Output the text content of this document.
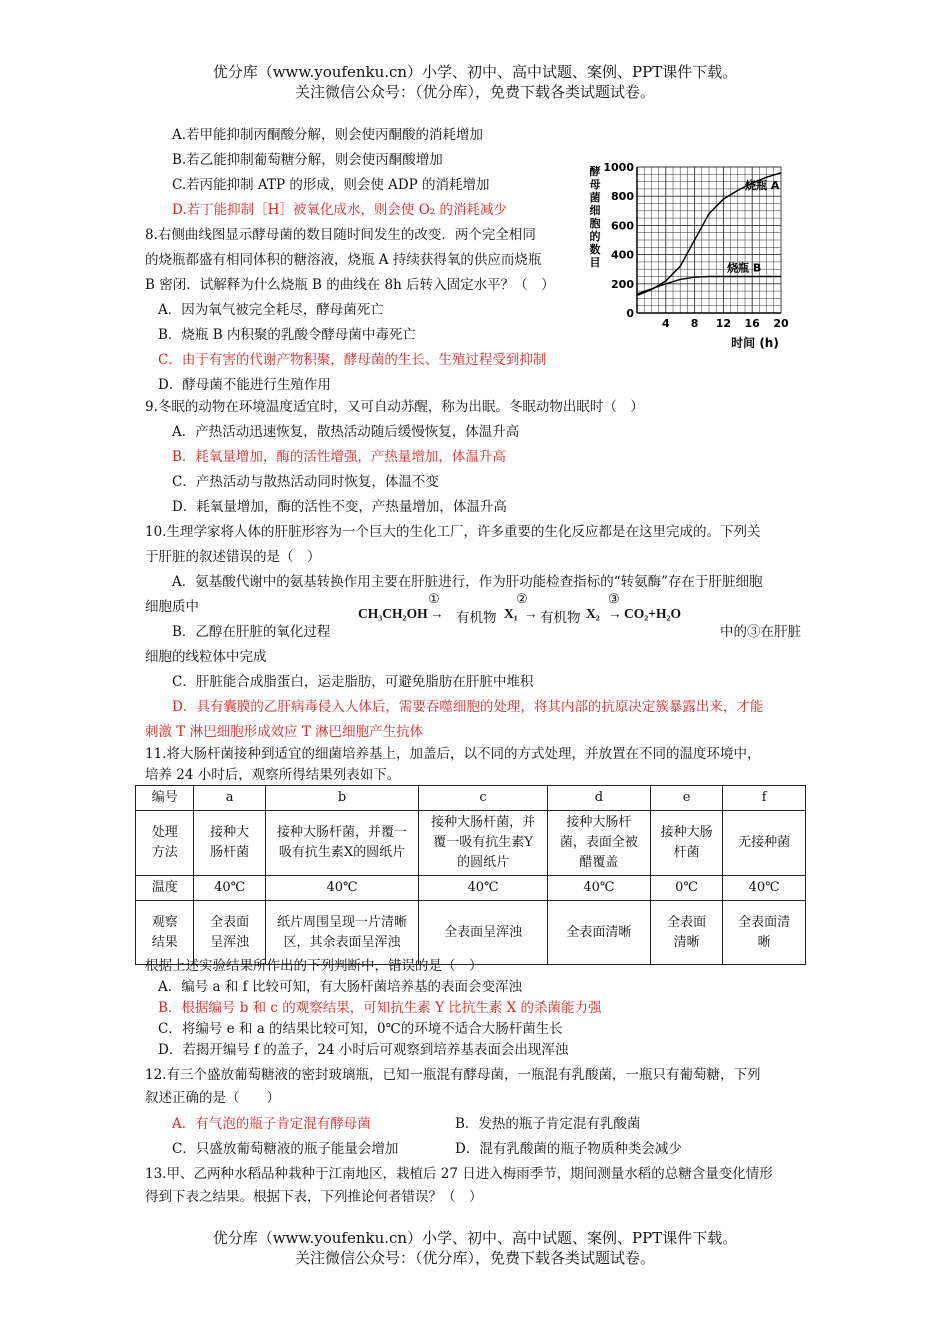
优分库（www.youfenku.cn）小学、初中、高中试题、案例、PPT课件下载。
关注微信公众号：（优分库），免费下载各类试题试卷。
A.若甲能抑制丙酮酸分解，则会使丙酮酸的消耗增加
B.若乙能抑制葡萄糖分解，则会使丙酮酸增加
C.若丙能抑制 ATP 的形成，则会使 ADP 的消耗增加
D.若丁能抑制［H］被氧化成水，则会使 O₂ 的消耗减少
8.右侧曲线图显示酵母菌的数目随时间发生的改变．两个完全相同
的烧瓶都盛有相同体积的糖溶液，烧瓶 A 持续获得氧的供应而烧瓶
B 密闭．试解释为什么烧瓶 B 的曲线在 8h 后转入固定水平？（　）
A．因为氧气被完全耗尽，酵母菌死亡
B．烧瓶 B 内积聚的乳酸令酵母菌中毒死亡
C．由于有害的代谢产物积聚，酵母菌的生长、生殖过程受到抑制
D．酵母菌不能进行生殖作用
酵
母
菌
细
胞
的
数
目
0
200
400
600
800
1000
4 8 12 16 20
烧瓶 A
烧瓶 B
时间 (h)
9.冬眠的动物在环境温度适宜时，又可自动苏醒，称为出眠。冬眠动物出眠时（　）
A．产热活动迅速恢复，散热活动随后缓慢恢复，体温升高
B．耗氧量增加，酶的活性增强，产热量增加，体温升高
C．产热活动与散热活动同时恢复，体温不变
D．耗氧量增加，酶的活性不变，产热量增加，体温升高
10.生理学家将人体的肝脏形容为一个巨大的生化工厂，许多重要的生化反应都是在这里完成的。下列关
于肝脏的叙述错误的是（　）
A．氨基酸代谢中的氨基转换作用主要在肝脏进行，作为肝功能检查指标的“转氨酶”存在于肝脏细胞
细胞质中	①	②	③
CH₃CH₂OH → 有机物 X₁ → 有机物 X₂ → CO₂+H₂O
B．乙醇在肝脏的氧化过程	中的③在肝脏
细胞的线粒体中完成
C．肝脏能合成脂蛋白，运走脂肪，可避免脂肪在肝脏中堆积
D．具有囊膜的乙肝病毒侵入人体后，需要吞噬细胞的处理，将其内部的抗原决定簇暴露出来，才能
刺激 T 淋巴细胞形成效应 T 淋巴细胞产生抗体
11.将大肠杆菌接种到适宜的细菌培养基上，加盖后，以不同的方式处理，并放置在不同的温度环境中，
培养 24 小时后，观察所得结果列表如下。
编号	a	b	c	d	e	f
处理方法	接种大肠杆菌	接种大肠杆菌，并覆一吸有抗生素X的圆纸片	接种大肠杆菌，并覆一吸有抗生素Y的圆纸片	接种大肠杆菌，表面全被醋覆盖	接种大肠杆菌	无接种菌
温度	40℃	40℃	40℃	40℃	0℃	40℃
观察结果	全表面呈浑浊	纸片周围呈现一片清晰区，其余表面呈浑浊	全表面呈浑浊	全表面清晰	全表面清晰	全表面清晰
根据上述实验结果所作出的下列判断中，错误的是（　）
A．编号 a 和 f 比较可知，有大肠杆菌培养基的表面会变浑浊
B．根据编号 b 和 c 的观察结果，可知抗生素 Y 比抗生素 X 的杀菌能力强
C．将编号 e 和 a 的结果比较可知，0℃的环境不适合大肠杆菌生长
D．若揭开编号 f 的盖子，24 小时后可观察到培养基表面会出现浑浊
12.有三个盛放葡萄糖液的密封玻璃瓶，已知一瓶混有酵母菌，一瓶混有乳酸菌，一瓶只有葡萄糖，下列
叙述正确的是（　　）
A．有气泡的瓶子肯定混有酵母菌	B．发热的瓶子肯定混有乳酸菌
C．只盛放葡萄糖液的瓶子能量会增加	D．混有乳酸菌的瓶子物质种类会减少
13.甲、乙两种水稻品种栽种于江南地区，栽植后 27 日进入梅雨季节，期间测量水稻的总糖含量变化情形
得到下表之结果。根据下表，下列推论何者错误？（　）
优分库（www.youfenku.cn）小学、初中、高中试题、案例、PPT课件下载。
关注微信公众号：（优分库），免费下载各类试题试卷。
